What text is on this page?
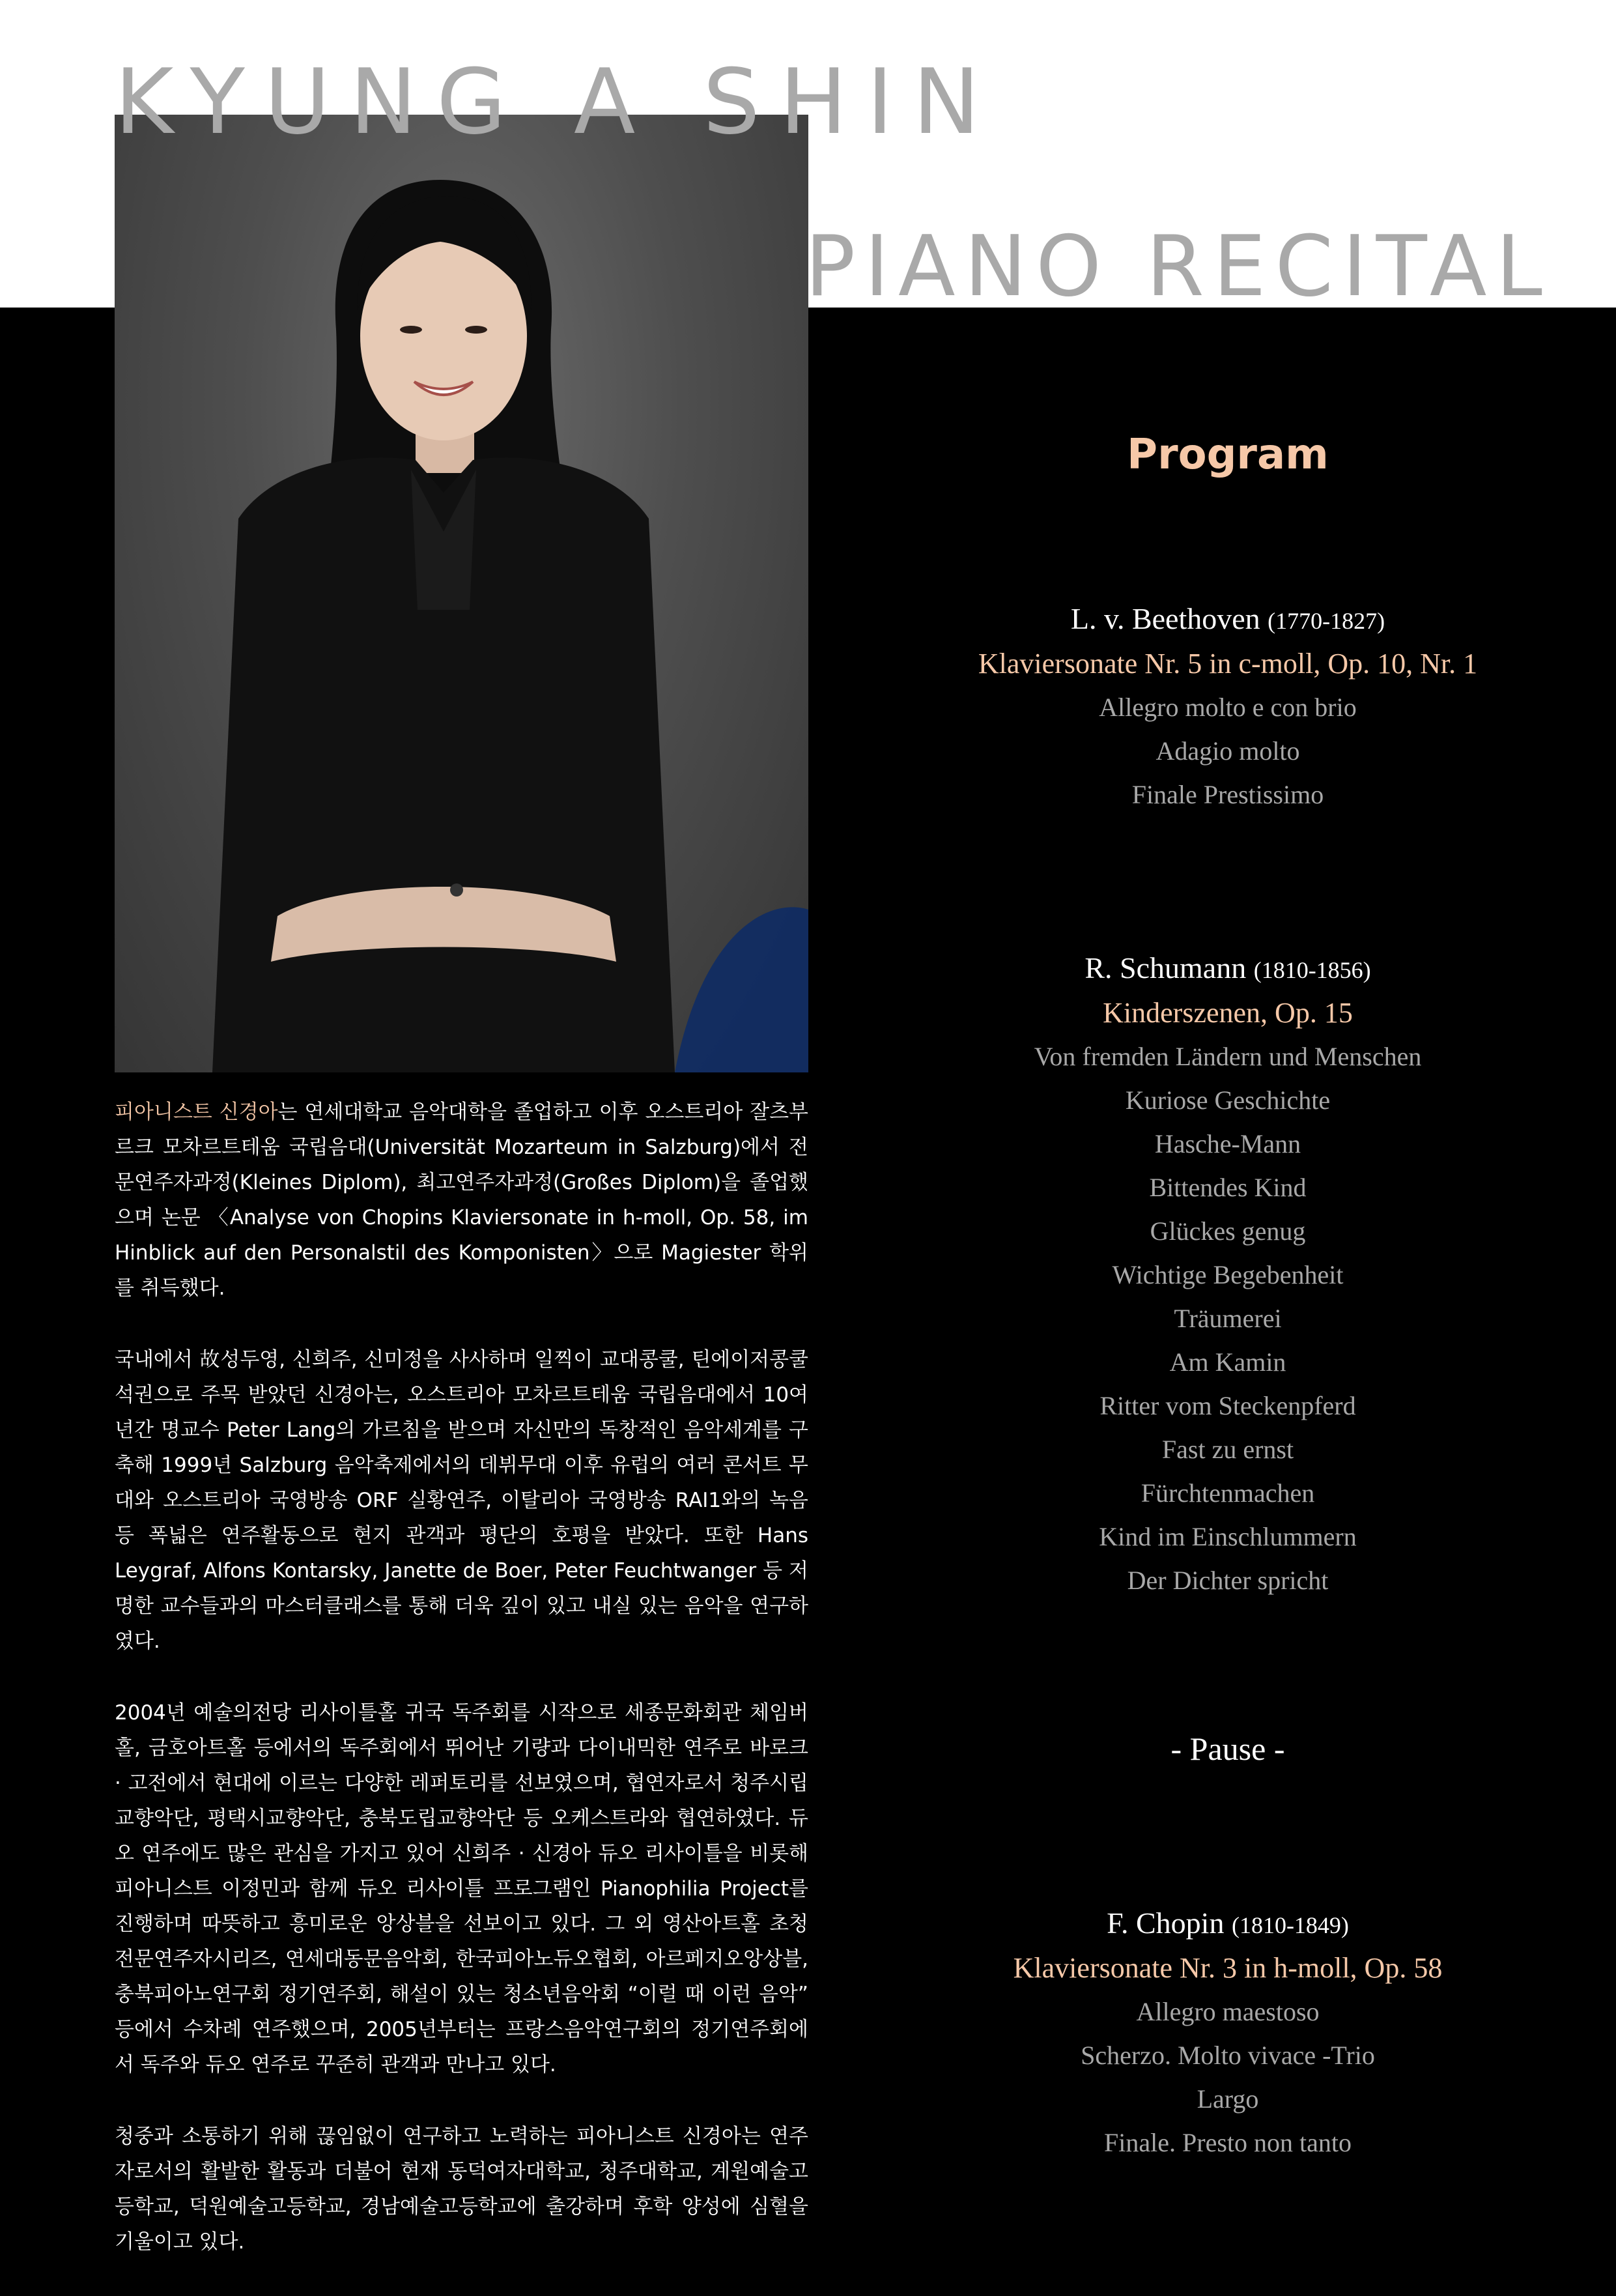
KYUNG A SHIN
PIANO RECITAL

피아니스트 신경아는 연세대학교 음악대학을 졸업하고 이후 오스트리아 잘츠부르크 모차르트테움 국립음대(Universität Mozarteum in Salzburg)에서 전문연주자과정(Kleines Diplom), 최고연주자과정(Großes Diplom)을 졸업했으며 논문 〈Analyse von Chopins Klaviersonate in h-moll, Op. 58, im Hinblick auf den Personalstil des Komponisten〉으로 Magiester 학위를 취득했다.

국내에서 故성두영, 신희주, 신미정을 사사하며 일찍이 교대콩쿨, 틴에이저콩쿨 석권으로 주목 받았던 신경아는, 오스트리아 모차르트테움 국립음대에서 10여 년간 명교수 Peter Lang의 가르침을 받으며 자신만의 독창적인 음악세계를 구축해 1999년 Salzburg 음악축제에서의 데뷔무대 이후 유럽의 여러 콘서트 무대와 오스트리아 국영방송 ORF 실황연주, 이탈리아 국영방송 RAI1와의 녹음 등 폭넓은 연주활동으로 현지 관객과 평단의 호평을 받았다. 또한 Hans Leygraf, Alfons Kontarsky, Janette de Boer, Peter Feuchtwanger 등 저명한 교수들과의 마스터클래스를 통해 더욱 깊이 있고 내실 있는 음악을 연구하였다.

2004년 예술의전당 리사이틀홀 귀국 독주회를 시작으로 세종문화회관 체임버홀, 금호아트홀 등에서의 독주회에서 뛰어난 기량과 다이내믹한 연주로 바로크 · 고전에서 현대에 이르는 다양한 레퍼토리를 선보였으며, 협연자로서 청주시립교향악단, 평택시교향악단, 충북도립교향악단 등 오케스트라와 협연하였다. 듀오 연주에도 많은 관심을 가지고 있어 신희주 · 신경아 듀오 리사이틀을 비롯해 피아니스트 이정민과 함께 듀오 리사이틀 프로그램인 Pianophilia Project를 진행하며 따뜻하고 흥미로운 앙상블을 선보이고 있다. 그 외 영산아트홀 초청 전문연주자시리즈, 연세대동문음악회, 한국피아노듀오협회, 아르페지오앙상블, 충북피아노연구회 정기연주회, 해설이 있는 청소년음악회 “이럴 때 이런 음악” 등에서 수차례 연주했으며, 2005년부터는 프랑스음악연구회의 정기연주회에서 독주와 듀오 연주로 꾸준히 관객과 만나고 있다.

청중과 소통하기 위해 끊임없이 연구하고 노력하는 피아니스트 신경아는 연주자로서의 활발한 활동과 더불어 현재 동덕여자대학교, 청주대학교, 계원예술고등학교, 덕원예술고등학교, 경남예술고등학교에 출강하며 후학 양성에 심혈을 기울이고 있다.

Program
L. v. Beethoven (1770-1827)
Klaviersonate Nr. 5 in c-moll, Op. 10, Nr. 1
Allegro molto e con brio
Adagio molto
Finale Prestissimo
R. Schumann (1810-1856)
Kinderszenen, Op. 15
Von fremden Ländern und Menschen
Kuriose Geschichte
Hasche-Mann
Bittendes Kind
Glückes genug
Wichtige Begebenheit
Träumerei
Am Kamin
Ritter vom Steckenpferd
Fast zu ernst
Fürchtenmachen
Kind im Einschlummern
Der Dichter spricht
- Pause -
F. Chopin (1810-1849)
Klaviersonate Nr. 3 in h-moll, Op. 58
Allegro maestoso
Scherzo. Molto vivace -Trio
Largo
Finale. Presto non tanto
